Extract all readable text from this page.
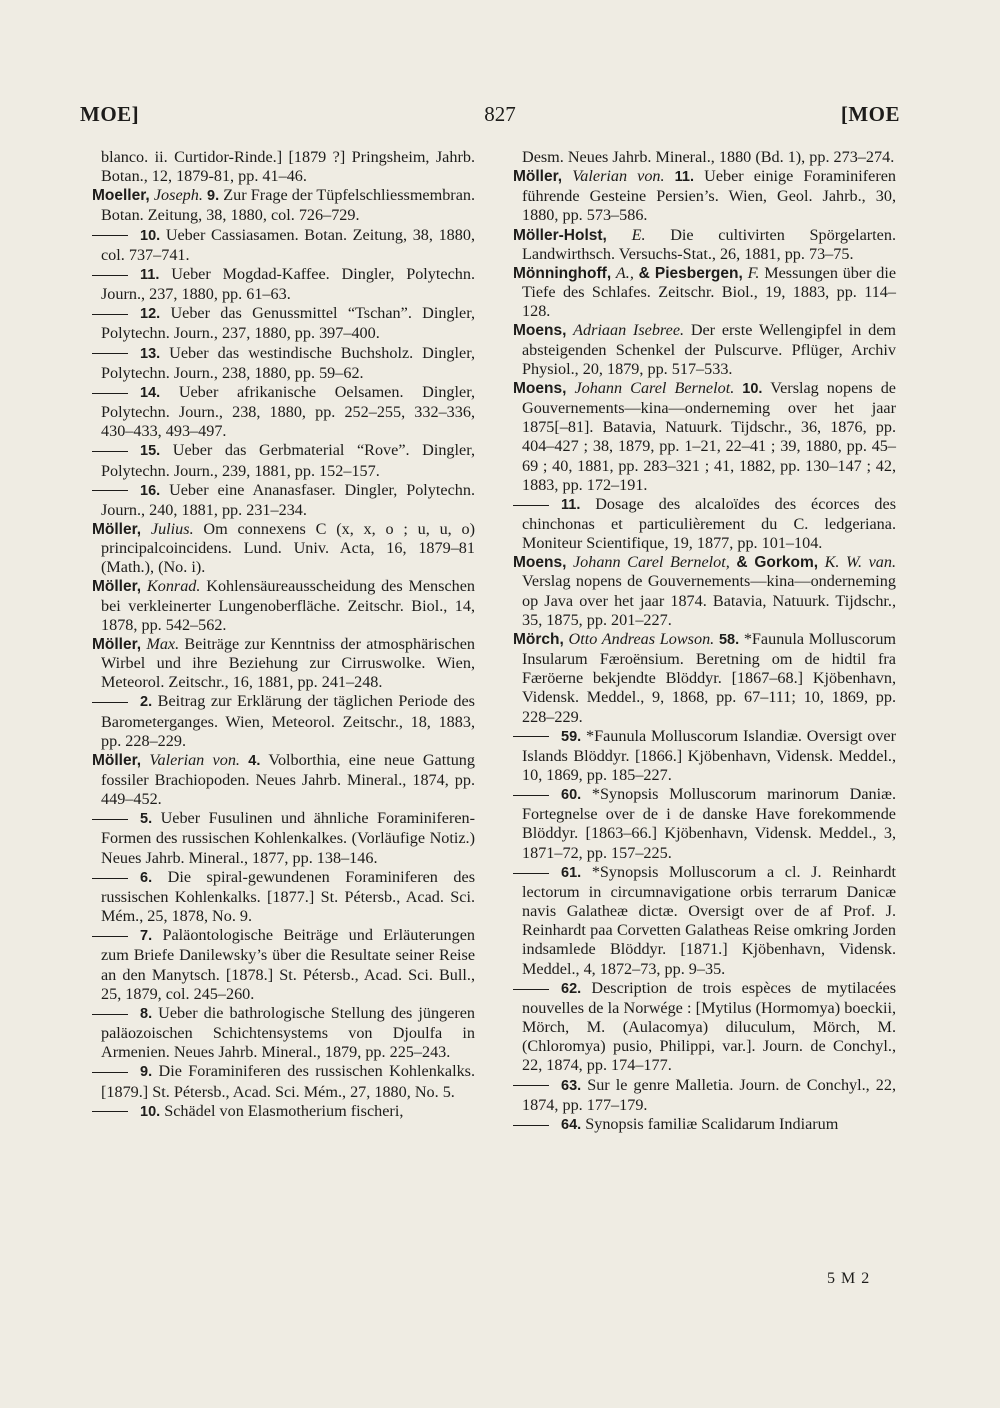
MOE]	827	[MOE
blanco. ii. Curtidor-Rinde.] [1879 ?] Pringsheim, Jahrb. Botan., 12, 1879-81, pp. 41–46.
Moeller, Joseph. 9. Zur Frage der Tüpfelschliessmembran. Botan. Zeitung, 38, 1880, col. 726–729.
10. Ueber Cassiasamen. Botan. Zeitung, 38, 1880, col. 737–741.
11. Ueber Mogdad-Kaffee. Dingler, Polytechn. Journ., 237, 1880, pp. 61–63.
12. Ueber das Genussmittel “Tschan”. Dingler, Polytechn. Journ., 237, 1880, pp. 397–400.
13. Ueber das westindische Buchsholz. Dingler, Polytechn. Journ., 238, 1880, pp. 59–62.
14. Ueber afrikanische Oelsamen. Dingler, Polytechn. Journ., 238, 1880, pp. 252–255, 332–336, 430–433, 493–497.
15. Ueber das Gerbmaterial “Rove”. Dingler, Polytechn. Journ., 239, 1881, pp. 152–157.
16. Ueber eine Ananasfaser. Dingler, Polytechn. Journ., 240, 1881, pp. 231–234.
Möller, Julius. Om connexens C (x, x, o ; u, u, o) principalcoincidens. Lund. Univ. Acta, 16, 1879–81 (Math.), (No. i).
Möller, Konrad. Kohlensäureausscheidung des Menschen bei verkleinerter Lungenoberfläche. Zeitschr. Biol., 14, 1878, pp. 542–562.
Möller, Max. Beiträge zur Kenntniss der atmosphärischen Wirbel und ihre Beziehung zur Cirruswolke. Wien, Meteorol. Zeitschr., 16, 1881, pp. 241–248.
2. Beitrag zur Erklärung der täglichen Periode des Barometerganges. Wien, Meteorol. Zeitschr., 18, 1883, pp. 228–229.
Möller, Valerian von. 4. Volborthia, eine neue Gattung fossiler Brachiopoden. Neues Jahrb. Mineral., 1874, pp. 449–452.
5. Ueber Fusulinen und ähnliche Foraminiferen-Formen des russischen Kohlenkalkes. (Vorläufige Notiz.) Neues Jahrb. Mineral., 1877, pp. 138–146.
6. Die spiral-gewundenen Foraminiferen des russischen Kohlenkalks. [1877.] St. Pétersb., Acad. Sci. Mém., 25, 1878, No. 9.
7. Paläontologische Beiträge und Erläuterungen zum Briefe Danilewsky’s über die Resultate seiner Reise an den Manytsch. [1878.] St. Pétersb., Acad. Sci. Bull., 25, 1879, col. 245–260.
8. Ueber die bathrologische Stellung des jüngeren paläozoischen Schichtensystems von Djoulfa in Armenien. Neues Jahrb. Mineral., 1879, pp. 225–243.
9. Die Foraminiferen des russischen Kohlenkalks. [1879.] St. Pétersb., Acad. Sci. Mém., 27, 1880, No. 5.
10. Schädel von Elasmotherium fischeri,
Desm. Neues Jahrb. Mineral., 1880 (Bd. 1), pp. 273–274.
Möller, Valerian von. 11. Ueber einige Foraminiferen führende Gesteine Persien’s. Wien, Geol. Jahrb., 30, 1880, pp. 573–586.
Möller-Holst, E. Die cultivirten Spörgelarten. Landwirthsch. Versuchs-Stat., 26, 1881, pp. 73–75.
Mönninghoff, A., & Piesbergen, F. Messungen über die Tiefe des Schlafes. Zeitschr. Biol., 19, 1883, pp. 114–128.
Moens, Adriaan Isebree. Der erste Wellengipfel in dem absteigenden Schenkel der Pulscurve. Pflüger, Archiv Physiol., 20, 1879, pp. 517–533.
Moens, Johann Carel Bernelot. 10. Verslag nopens de Gouvernements—kina—onderneming over het jaar 1875[–81]. Batavia, Natuurk. Tijdschr., 36, 1876, pp. 404–427 ; 38, 1879, pp. 1–21, 22–41 ; 39, 1880, pp. 45–69 ; 40, 1881, pp. 283–321 ; 41, 1882, pp. 130–147 ; 42, 1883, pp. 172–191.
11. Dosage des alcaloïdes des écorces des chinchonas et particulièrement du C. ledgeriana. Moniteur Scientifique, 19, 1877, pp. 101–104.
Moens, Johann Carel Bernelot, & Gorkom, K. W. van. Verslag nopens de Gouvernements—kina—onderneming op Java over het jaar 1874. Batavia, Natuurk. Tijdschr., 35, 1875, pp. 201–227.
Mörch, Otto Andreas Lowson. 58. *Faunula Molluscorum Insularum Færoënsium. Beretning om de hidtil fra Færöerne bekjendte Blöddyr. [1867–68.] Kjöbenhavn, Vidensk. Meddel., 9, 1868, pp. 67–111; 10, 1869, pp. 228–229.
59. *Faunula Molluscorum Islandiæ. Oversigt over Islands Blöddyr. [1866.] Kjöbenhavn, Vidensk. Meddel., 10, 1869, pp. 185–227.
60. *Synopsis Molluscorum marinorum Daniæ. Fortegnelse over de i de danske Have forekommende Blöddyr. [1863–66.] Kjöbenhavn, Vidensk. Meddel., 3, 1871–72, pp. 157–225.
61. *Synopsis Molluscorum a cl. J. Reinhardt lectorum in circumnavigatione orbis terrarum Danicæ navis Galatheæ dictæ. Oversigt over de af Prof. J. Reinhardt paa Corvetten Galatheas Reise omkring Jorden indsamlede Blöddyr. [1871.] Kjöbenhavn, Vidensk. Meddel., 4, 1872–73, pp. 9–35.
62. Description de trois espèces de mytilacées nouvelles de la Norwége : [Mytilus (Hormomya) boeckii, Mörch, M. (Aulacomya) diluculum, Mörch, M. (Chloromya) pusio, Philippi, var.]. Journ. de Conchyl., 22, 1874, pp. 174–177.
63. Sur le genre Malletia. Journ. de Conchyl., 22, 1874, pp. 177–179.
64. Synopsis familiæ Scalidarum Indiarum
5 M 2
